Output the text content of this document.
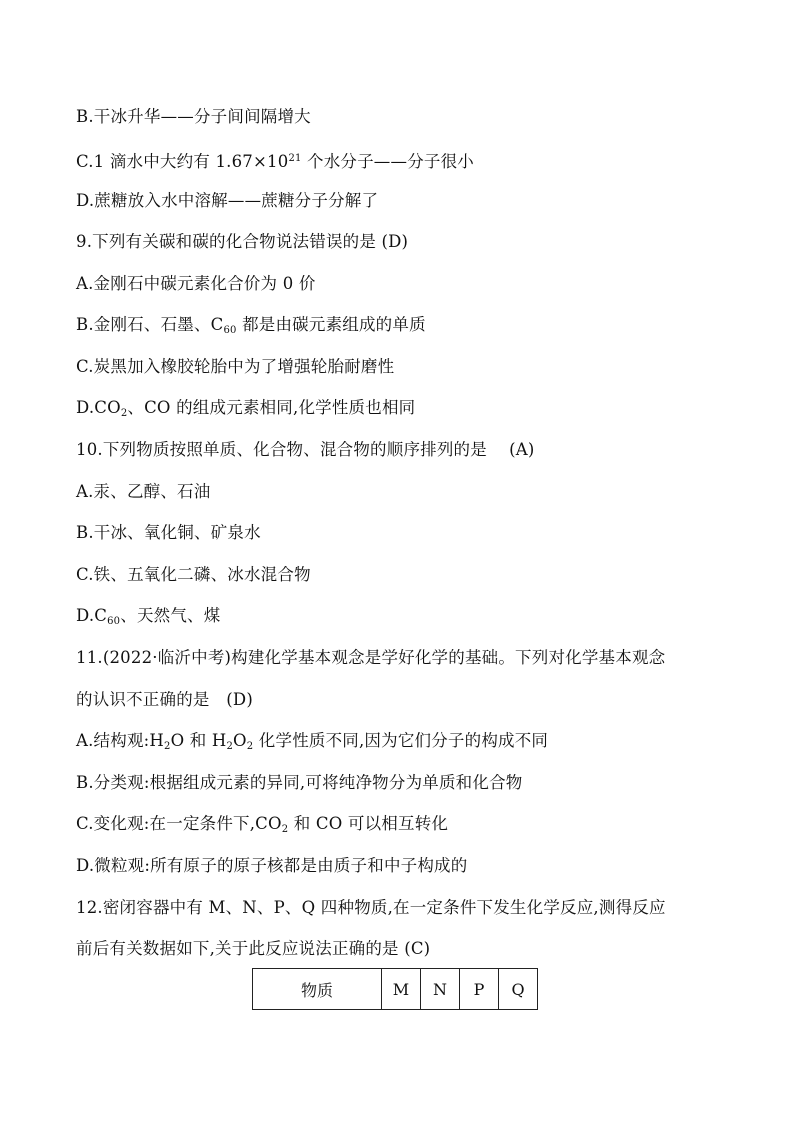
B.干冰升华——分子间间隔增大
C.1 滴水中大约有 $1.67\times 10^{21}$ 个水分子——分子很小
D.蔗糖放入水中溶解——蔗糖分子分解了
9.下列有关碳和碳的化合物说法错误的是 (D)
A.金刚石中碳元素化合价为 0 价
B.金刚石、石墨、$C_{60}$ 都是由碳元素组成的单质
C.炭黑加入橡胶轮胎中为了增强轮胎耐磨性
$D.CO_2$、CO 的组成元素相同,化学性质也相同
10.下列物质按照单质、化合物、混合物的顺序排列的是　 (A)
A.汞、乙醇、石油
B.干冰、氧化铜、矿泉水
C.铁、五氧化二磷、冰水混合物
$D.C_{60}$、天然气、煤
11.(2022·临沂中考)构建化学基本观念是学好化学的基础。下列对化学基本观念
的认识不正确的是　(D)
A.结构观$:H_2O$ 和 $H_2O_2$ 化学性质不同,因为它们分子的构成不同
B.分类观:根据组成元素的异同,可将纯净物分为单质和化合物
C.变化观:在一定条件下$,CO_2$ 和 CO 可以相互转化
D.微粒观:所有原子的原子核都是由质子和中子构成的
12.密闭容器中有 M、N、P、Q 四种物质,在一定条件下发生化学反应,测得反应
前后有关数据如下,关于此反应说法正确的是 (C)
物质	M	N	P	Q
